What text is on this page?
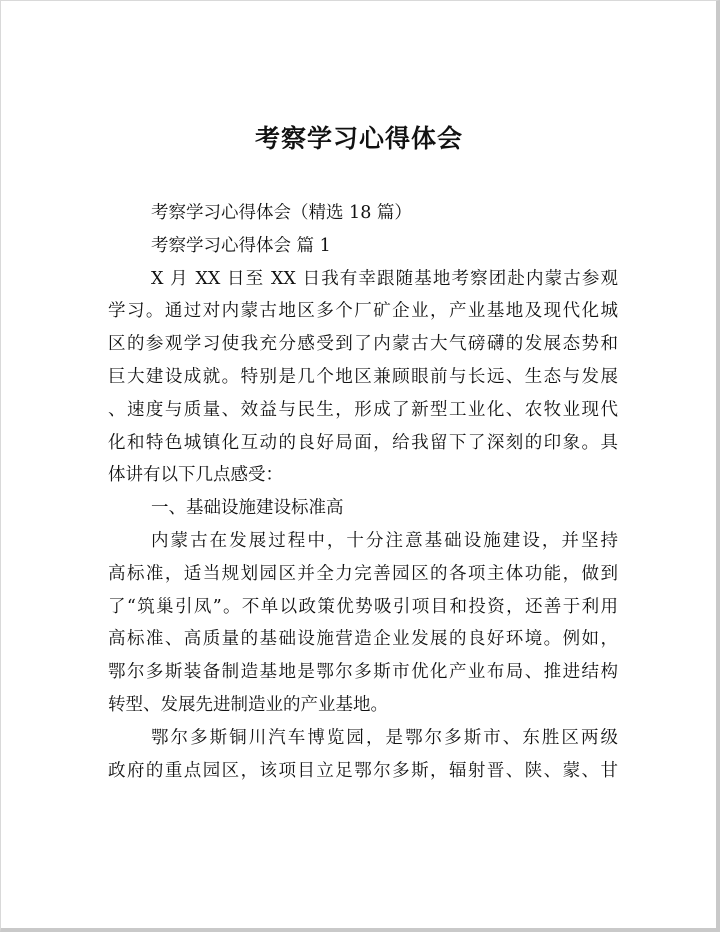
考察学习心得体会
考察学习心得体会（精选 18 篇）
考察学习心得体会 篇 1
X 月 XX 日至 XX 日我有幸跟随基地考察团赴内蒙古参观
学习。通过对内蒙古地区多个厂矿企业，产业基地及现代化城
区的参观学习使我充分感受到了内蒙古大气磅礴的发展态势和
巨大建设成就。特别是几个地区兼顾眼前与长远、生态与发展
、速度与质量、效益与民生，形成了新型工业化、农牧业现代
化和特色城镇化互动的良好局面，给我留下了深刻的印象。具
体讲有以下几点感受：
一、基础设施建设标准高
内蒙古在发展过程中，十分注意基础设施建设，并坚持
高标准，适当规划园区并全力完善园区的各项主体功能，做到
了“筑巢引凤”。不单以政策优势吸引项目和投资，还善于利用
高标准、高质量的基础设施营造企业发展的良好环境。例如，
鄂尔多斯装备制造基地是鄂尔多斯市优化产业布局、推进结构
转型、发展先进制造业的产业基地。
鄂尔多斯铜川汽车博览园，是鄂尔多斯市、东胜区两级
政府的重点园区，该项目立足鄂尔多斯，辐射晋、陕、蒙、甘
